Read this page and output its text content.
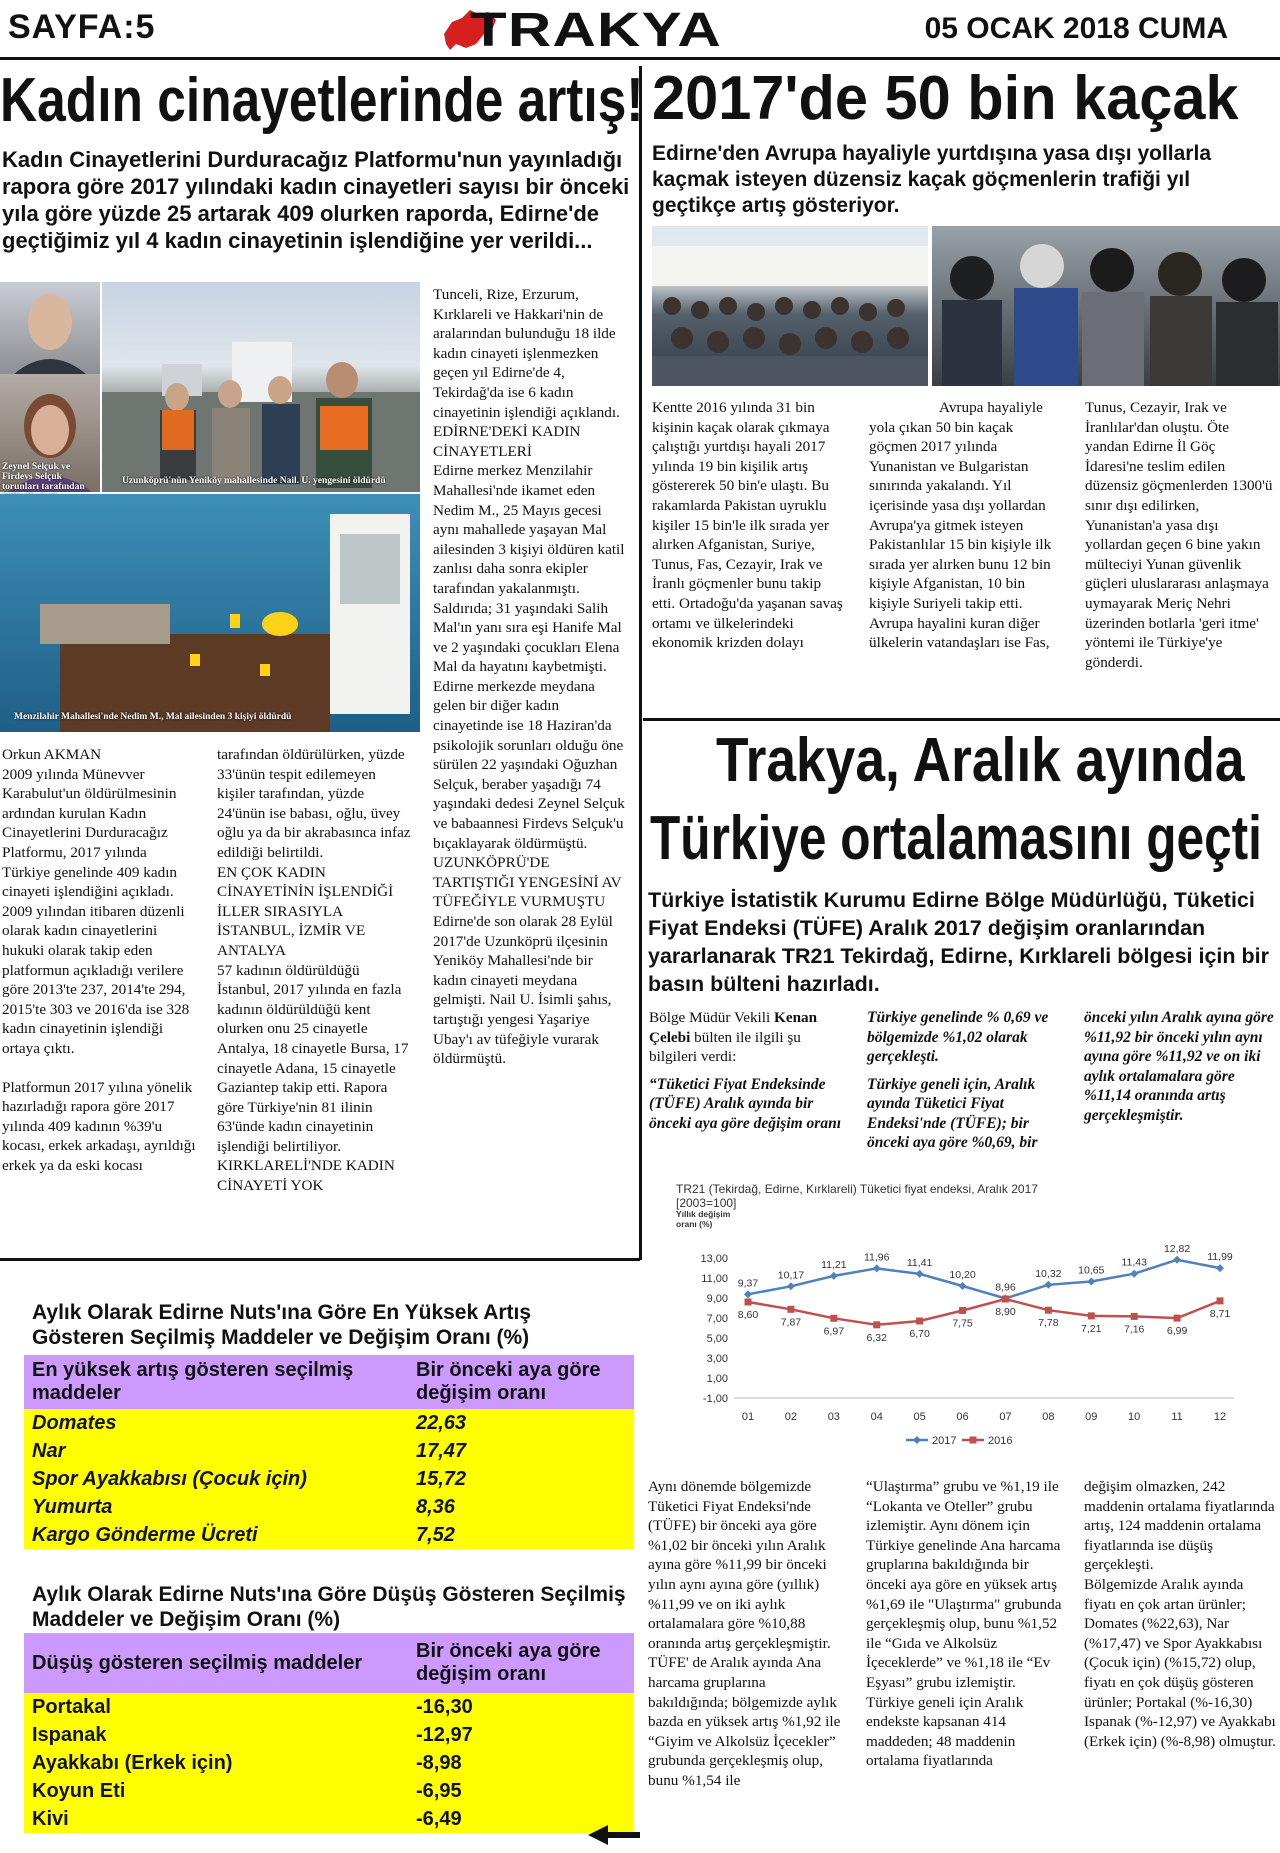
SAYFA:5	TRAKYA	05 OCAK 2018 CUMA
Kadın cinayetlerinde artış!
Kadın Cinayetlerini Durduracağız Platformu'nun yayınladığı rapora göre 2017 yılındaki kadın cinayetleri sayısı bir önceki yıla göre yüzde 25 artarak 409 olurken raporda, Edirne'de geçtiğimiz yıl 4 kadın cinayetinin işlendiğine yer verildi...
Zeynel Selçuk ve Firdevs Selçuk torunları tarafından
Uzunköprü'nün Yeniköy mahallesinde Nail. U. yengesini öldürdü
Menzilahir Mahallesi'nde Nedim M., Mal ailesinden 3 kişiyi öldürdü

Orkun AKMAN

2009 yılında Münevver Karabulut'un öldürülmesinin ardından kurulan Kadın Cinayetlerini Durduracağız Platformu, 2017 yılında Türkiye genelinde 409 kadın cinayeti işlendiğini açıkladı. 2009 yılından itibaren düzenli olarak kadın cinayetlerini hukuki olarak takip eden platformun açıkladığı verilere göre 2013'te 237, 2014'te 294, 2015'te 303 ve 2016'da ise 328 kadın cinayetinin işlendiği ortaya çıktı.

Platformun 2017 yılına yönelik hazırladığı rapora göre 2017 yılında 409 kadının %39'u kocası, erkek arkadaşı, ayrıldığı erkek ya da eski kocası

tarafından öldürülürken, yüzde 33'ünün tespit edilemeyen kişiler tarafından, yüzde 24'ünün ise babası, oğlu, üvey oğlu ya da bir akrabasınca infaz edildiği belirtildi.

EN ÇOK KADIN CİNAYETİNİN İŞLENDİĞİ İLLER SIRASIYLA İSTANBUL, İZMİR VE ANTALYA

57 kadının öldürüldüğü İstanbul, 2017 yılında en fazla kadının öldürüldüğü kent olurken onu 25 cinayetle Antalya, 18 cinayetle Bursa, 17 cinayetle Adana, 15 cinayetle Gaziantep takip etti. Rapora göre Türkiye'nin 81 ilinin 63'ünde kadın cinayetinin işlendiği belirtiliyor.

KIRKLARELİ'NDE KADIN CİNAYETİ YOK

Tunceli, Rize, Erzurum, Kırklareli ve Hakkari'nin de aralarından bulunduğu 18 ilde kadın cinayeti işlenmezken geçen yıl Edirne'de 4, Tekirdağ'da ise 6 kadın cinayetinin işlendiği açıklandı.

EDİRNE'DEKİ KADIN CİNAYETLERİ

Edirne merkez Menzilahir Mahallesi'nde ikamet eden Nedim M., 25 Mayıs gecesi aynı mahallede yaşayan Mal ailesinden 3 kişiyi öldüren katil zanlısı daha sonra ekipler tarafından yakalanmıştı. Saldırıda; 31 yaşındaki Salih Mal'ın yanı sıra eşi Hanife Mal ve 2 yaşındaki çocukları Elena Mal da hayatını kaybetmişti. Edirne merkezde meydana gelen bir diğer kadın cinayetinde ise 18 Haziran'da psikolojik sorunları olduğu öne sürülen 22 yaşındaki Oğuzhan Selçuk, beraber yaşadığı 74 yaşındaki dedesi Zeynel Selçuk ve babaannesi Firdevs Selçuk'u bıçaklayarak öldürmüştü.

UZUNKÖPRÜ'DE TARTIŞTIĞI YENGESİNİ AV TÜFEĞİYLE VURMUŞTU

Edirne'de son olarak 28 Eylül 2017'de Uzunköprü ilçesinin Yeniköy Mahallesi'nde bir kadın cinayeti meydana gelmişti. Nail U. İsimli şahıs, tartıştığı yengesi Yaşariye Ubay'ı av tüfeğiyle vurarak öldürmüştü.

2017'de 50 bin kaçak
Edirne'den Avrupa hayaliyle yurtdışına yasa dışı yollarla kaçmak isteyen düzensiz kaçak göçmenlerin trafiği yıl geçtikçe artış gösteriyor.
Kentte 2016 yılında 31 bin kişinin kaçak olarak çıkmaya çalıştığı yurtdışı hayali 2017 yılında 19 bin kişilik artış göstererek 50 bin'e ulaştı. Bu rakamlarda Pakistan uyruklu kişiler 15 bin'le ilk sırada yer alırken Afganistan, Suriye, Tunus, Fas, Cezayir, Irak ve İranlı göçmenler bunu takip etti. Ortadoğu'da yaşanan savaş ortamı ve ülkelerindeki ekonomik krizden dolayı
Avrupa hayaliyle yola çıkan 50 bin kaçak göçmen 2017 yılında Yunanistan ve Bulgaristan sınırında yakalandı. Yıl içerisinde yasa dışı yollardan Avrupa'ya gitmek isteyen Pakistanlılar 15 bin kişiyle ilk sırada yer alırken bunu 12 bin kişiyle Afganistan, 10 bin kişiyle Suriyeli takip etti. Avrupa hayalini kuran diğer ülkelerin vatandaşları ise Fas,
Tunus, Cezayir, Irak ve İranlılar'dan oluştu. Öte yandan Edirne İl Göç İdaresi'ne teslim edilen düzensiz göçmenlerden 1300'ü sınır dışı edilirken, Yunanistan'a yasa dışı yollardan geçen 6 bine yakın mülteciyi Yunan güvenlik güçleri uluslararası anlaşmaya uymayarak Meriç Nehri üzerinden botlarla 'geri itme' yöntemi ile Türkiye'ye gönderdi.
Trakya, Aralık ayında
Türkiye ortalamasını geçti
Türkiye İstatistik Kurumu Edirne Bölge Müdürlüğü, Tüketici Fiyat Endeksi (TÜFE) Aralık 2017 değişim oranlarından yararlanarak TR21 Tekirdağ, Edirne, Kırklareli bölgesi için bir basın bülteni hazırladı.
Bölge Müdür Vekili Kenan Çelebi bülten ile ilgili şu bilgileri verdi:
“Tüketici Fiyat Endeksinde (TÜFE) Aralık ayında bir önceki aya göre değişim oranı
Türkiye genelinde % 0,69 ve bölgemizde %1,02 olarak gerçekleşti.
Türkiye geneli için, Aralık ayında Tüketici Fiyat Endeksi'nde (TÜFE); bir önceki aya göre %0,69, bir
önceki yılın Aralık ayına göre %11,92 bir önceki yılın aynı ayına göre %11,92 ve on iki aylık ortalamalara göre %11,14 oranında artış gerçekleşmiştir.
TR21 (Tekirdağ, Edirne, Kırklareli) Tüketici fiyat endeksi, Aralık 2017
[2003=100]
Yıllık değişim oranı (%)
13,00
11,00
9,00
7,00
5,00
3,00
1,00
-1,00
01	02	03	04	05	06	07	08	09	10	11	12
9,37
10,17
11,21
11,96 11,41
10,20
8,96
10,32 10,65
11,43
12,82
11,99
8,60
7,87
6,97
6,32 6,70
7,75
8,90
7,78 7,21 7,16 6,99
8,71
2017	2016

Aynı dönemde bölgemizde Tüketici Fiyat Endeksi'nde (TÜFE) bir önceki aya göre %1,02 bir önceki yılın Aralık ayına göre %11,99 bir önceki yılın aynı ayına göre (yıllık) %11,99 ve on iki aylık ortalamalara göre %10,88 oranında artış gerçekleşmiştir.

TÜFE' de Aralık ayında Ana harcama gruplarına bakıldığında; bölgemizde aylık bazda en yüksek artış %1,92 ile “Giyim ve Alkolsüz İçecekler” grubunda gerçekleşmiş olup, bunu %1,54 ile

“Ulaştırma” grubu ve %1,19 ile “Lokanta ve Oteller” grubu izlemiştir. Aynı dönem için Türkiye genelinde Ana harcama gruplarına bakıldığında bir önceki aya göre en yüksek artış %1,69 ile "Ulaştırma" grubunda gerçekleşmiş olup, bunu %1,52 ile “Gıda ve Alkolsüz İçeceklerde” ve %1,18 ile “Ev Eşyası” grubu izlemiştir.

Türkiye geneli için Aralık endekste kapsanan 414 maddeden; 48 maddenin ortalama fiyatlarında

değişim olmazken, 242 maddenin ortalama fiyatlarında artış, 124 maddenin ortalama fiyatlarında ise düşüş gerçekleşti.

Bölgemizde Aralık ayında fiyatı en çok artan ürünler; Domates (%22,63), Nar (%17,47) ve Spor Ayakkabısı (Çocuk için) (%15,72) olup, fiyatı en çok düşüş gösteren ürünler; Portakal (%-16,30) Ispanak (%-12,97) ve Ayakkabı (Erkek için) (%-8,98) olmuştur.

Aylık Olarak Edirne Nuts'ına Göre En Yüksek Artış Gösteren Seçilmiş Maddeler ve Değişim Oranı (%)
En yüksek artış gösteren seçilmiş maddeler	Bir önceki aya göre değişim oranı
Domates	22,63
Nar	17,47
Spor Ayakkabısı (Çocuk için)	15,72
Yumurta	8,36
Kargo Gönderme Ücreti	7,52
Aylık Olarak Edirne Nuts'ına Göre Düşüş Gösteren Seçilmiş Maddeler ve Değişim Oranı (%)
Düşüş gösteren seçilmiş maddeler	Bir önceki aya göre değişim oranı
Portakal	-16,30
Ispanak	-12,97
Ayakkabı (Erkek için)	-8,98
Koyun Eti	-6,95
Kivi	-6,49
